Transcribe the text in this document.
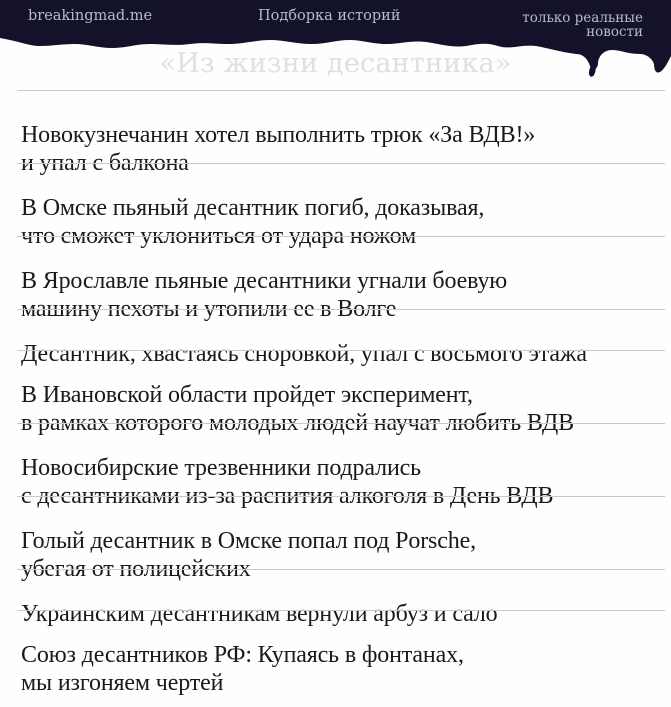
breakingmad.me	Подборка историй	только реальные
новости
«Из жизни десантника»

Новокузнечанин хотел выполнить трюк «За ВДВ!»
и упал с балкона

В Омске пьяный десантник погиб, доказывая,
что сможет уклониться от удара ножом

В Ярославле пьяные десантники угнали боевую
машину пехоты и утопили ее в Волге

Десантник, хвастаясь сноровкой, упал с восьмого этажа

В Ивановской области пройдет эксперимент,
в рамках которого молодых людей научат любить ВДВ

Новосибирские трезвенники подрались
с десантниками из-за распития алкоголя в День ВДВ

Голый десантник в Омске попал под Porsche,
убегая от полицейских

Украинским десантникам вернули арбуз и сало

Союз десантников РФ: Купаясь в фонтанах,
мы изгоняем чертей
